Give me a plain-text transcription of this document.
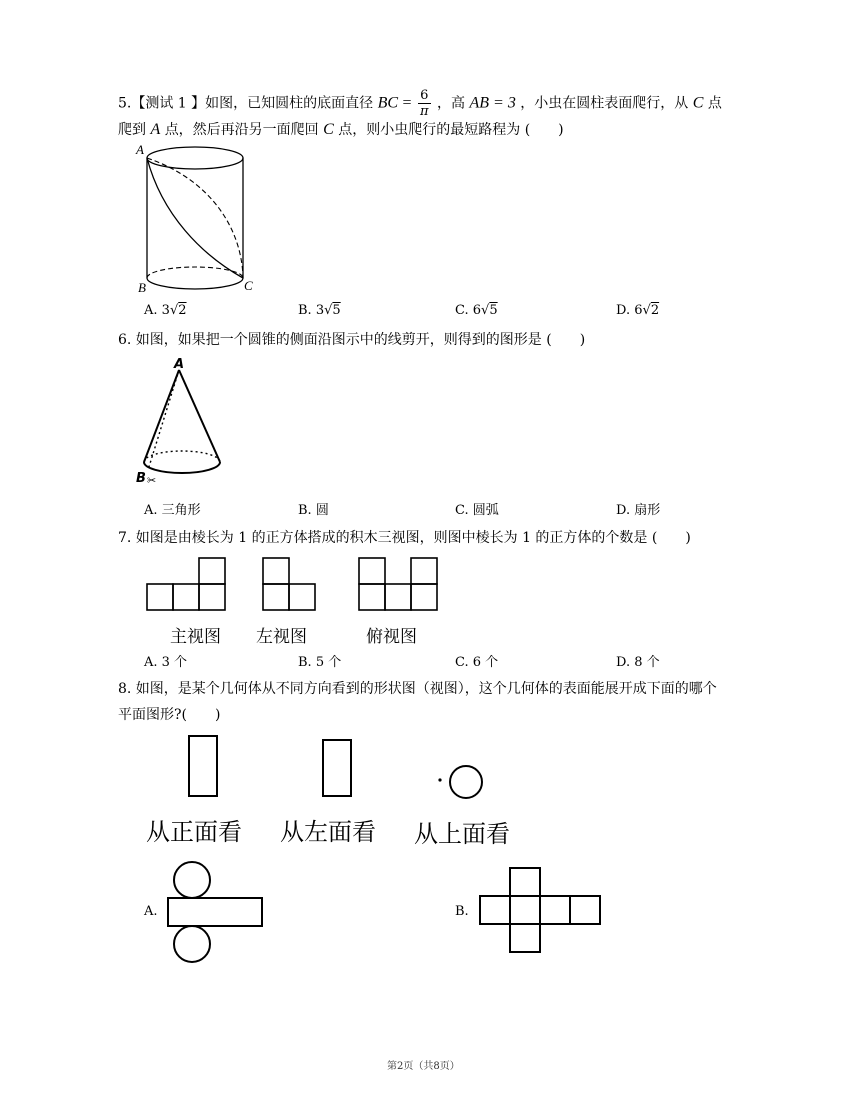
5.【测试 1 】如图，已知圆柱的底面直径 BC = $\frac{6}{\pi}$ ，高 AB = 3 ，小虫在圆柱表面爬行，从 C 点
爬到 A 点，然后再沿另一面爬回 C 点，则小虫爬行的最短路程为 (　　)
A
B	C
A. 3√2	B. 3√5	C. 6√5	D. 6√2
6. 如图，如果把一个圆锥的侧面沿图示中的线剪开，则得到的图形是 (　　)
A
B ✂
A. 三角形	B. 圆	C. 圆弧	D. 扇形
7. 如图是由棱长为 1 的正方体搭成的积木三视图，则图中棱长为 1 的正方体的个数是 (　　)
主视图 左视图	俯视图
A. 3 个	B. 5 个	C. 6 个	D. 8 个
8. 如图，是某个几何体从不同方向看到的形状图（视图），这个几何体的表面能展开成下面的哪个
平面图形?(　　)
从正面看 从左面看 从上面看
A.	B.
第2页（共8页）
